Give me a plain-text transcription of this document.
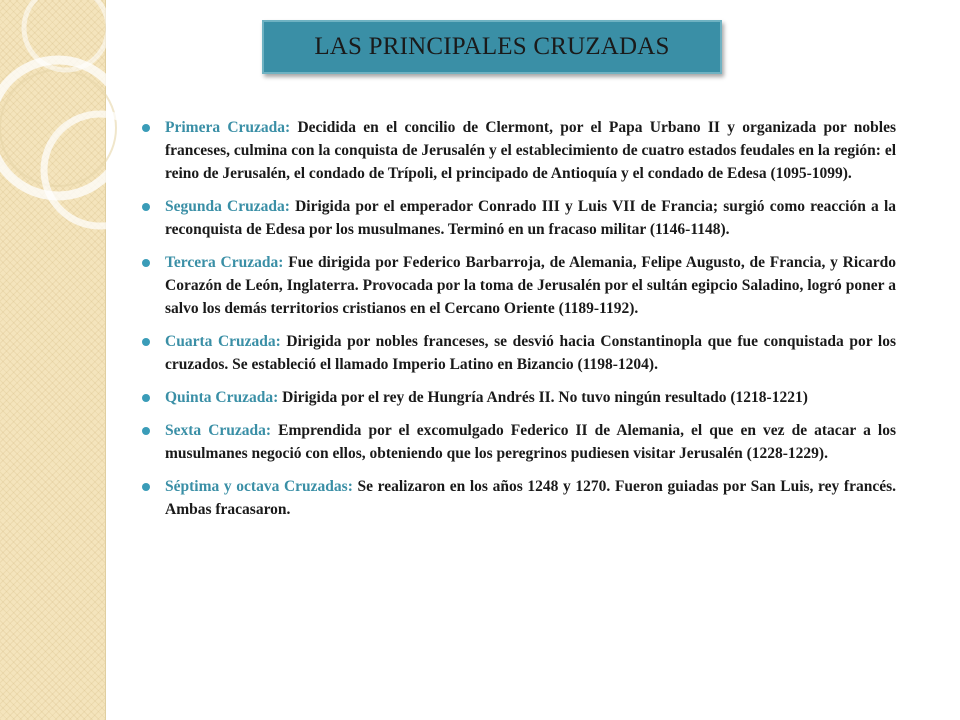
LAS PRINCIPALES CRUZADAS
Primera Cruzada: Decidida en el concilio de Clermont, por el Papa Urbano II y organizada por nobles franceses, culmina con la conquista de Jerusalén y el establecimiento de cuatro estados feudales en la región: el reino de Jerusalén, el condado de Trípoli, el principado de Antioquía y el condado de Edesa (1095-1099).
Segunda Cruzada: Dirigida por el emperador Conrado III y Luis VII de Francia; surgió como reacción a la reconquista de Edesa por los musulmanes. Terminó en un fracaso militar (1146-1148).
Tercera Cruzada: Fue dirigida por Federico Barbarroja, de Alemania, Felipe Augusto, de Francia, y Ricardo Corazón de León, Inglaterra. Provocada por la toma de Jerusalén por el sultán egipcio Saladino, logró poner a salvo los demás territorios cristianos en el Cercano Oriente (1189-1192).
Cuarta Cruzada: Dirigida por nobles franceses, se desvió hacia Constantinopla que fue conquistada por los cruzados. Se estableció el llamado Imperio Latino en Bizancio (1198-1204).
Quinta Cruzada: Dirigida por el rey de Hungría Andrés II. No tuvo ningún resultado (1218-1221)
Sexta Cruzada: Emprendida por el excomulgado Federico II de Alemania, el que en vez de atacar a los musulmanes negoció con ellos, obteniendo que los peregrinos pudiesen visitar Jerusalén (1228-1229).
Séptima y octava Cruzadas: Se realizaron en los años 1248 y 1270. Fueron guiadas por San Luis, rey francés. Ambas fracasaron.
